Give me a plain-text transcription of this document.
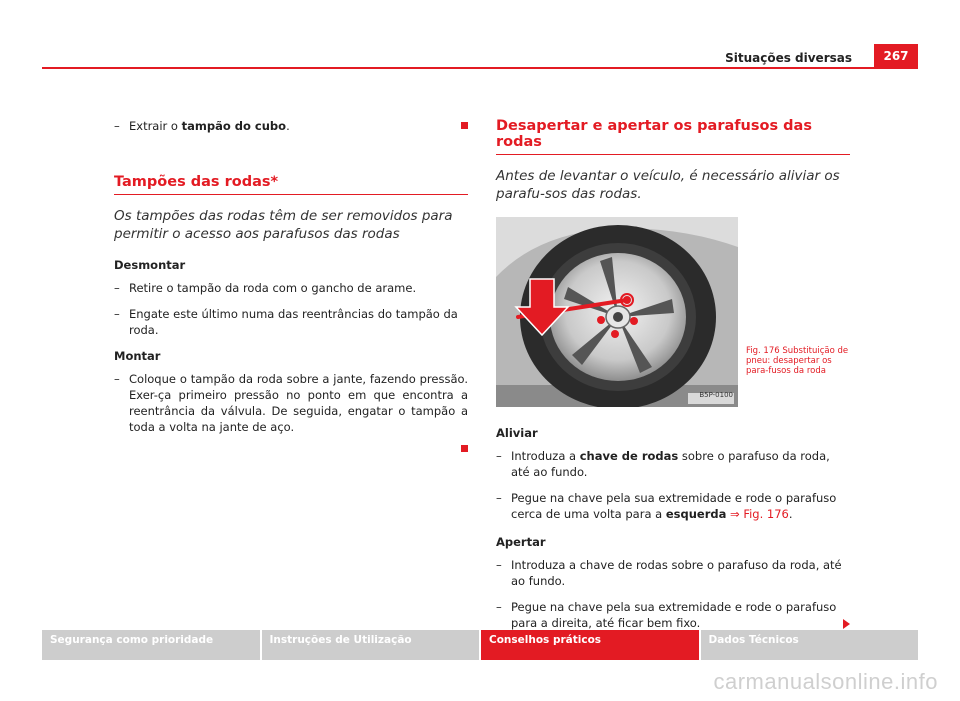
Situações diversas	267
– Extrair o tampão do cubo.
Tampões das rodas*

Os tampões das rodas têm de ser removidos para permitir o acesso aos parafusos das rodas

Desmontar

– Retire o tampão da roda com o gancho de arame.
– Engate este último numa das reentrâncias do tampão da roda.

Montar

– Coloque o tampão da roda sobre a jante, fazendo pressão. Exer-ça primeiro pressão no ponto em que encontra a reentrância da válvula. De seguida, engatar o tampão a toda a volta na jante de aço.
Desapertar e apertar os parafusos das rodas

Antes de levantar o veículo, é necessário aliviar os parafu-sos das rodas.

B5P-0100

Aliviar

– Introduza a chave de rodas sobre o parafuso da roda, até ao fundo.
– Pegue na chave pela sua extremidade e rode o parafuso cerca de uma volta para a esquerda ⇒ Fig. 176.

Apertar

– Introduza a chave de rodas sobre o parafuso da roda, até ao fundo.
– Pegue na chave pela sua extremidade e rode o parafuso para a direita, até ficar bem fixo.
Fig. 176 Substituição de pneu: desapertar os para-fusos da roda
Segurança como prioridade	Instruções de Utilização	Conselhos práticos	Dados Técnicos
carmanualsonline.info
